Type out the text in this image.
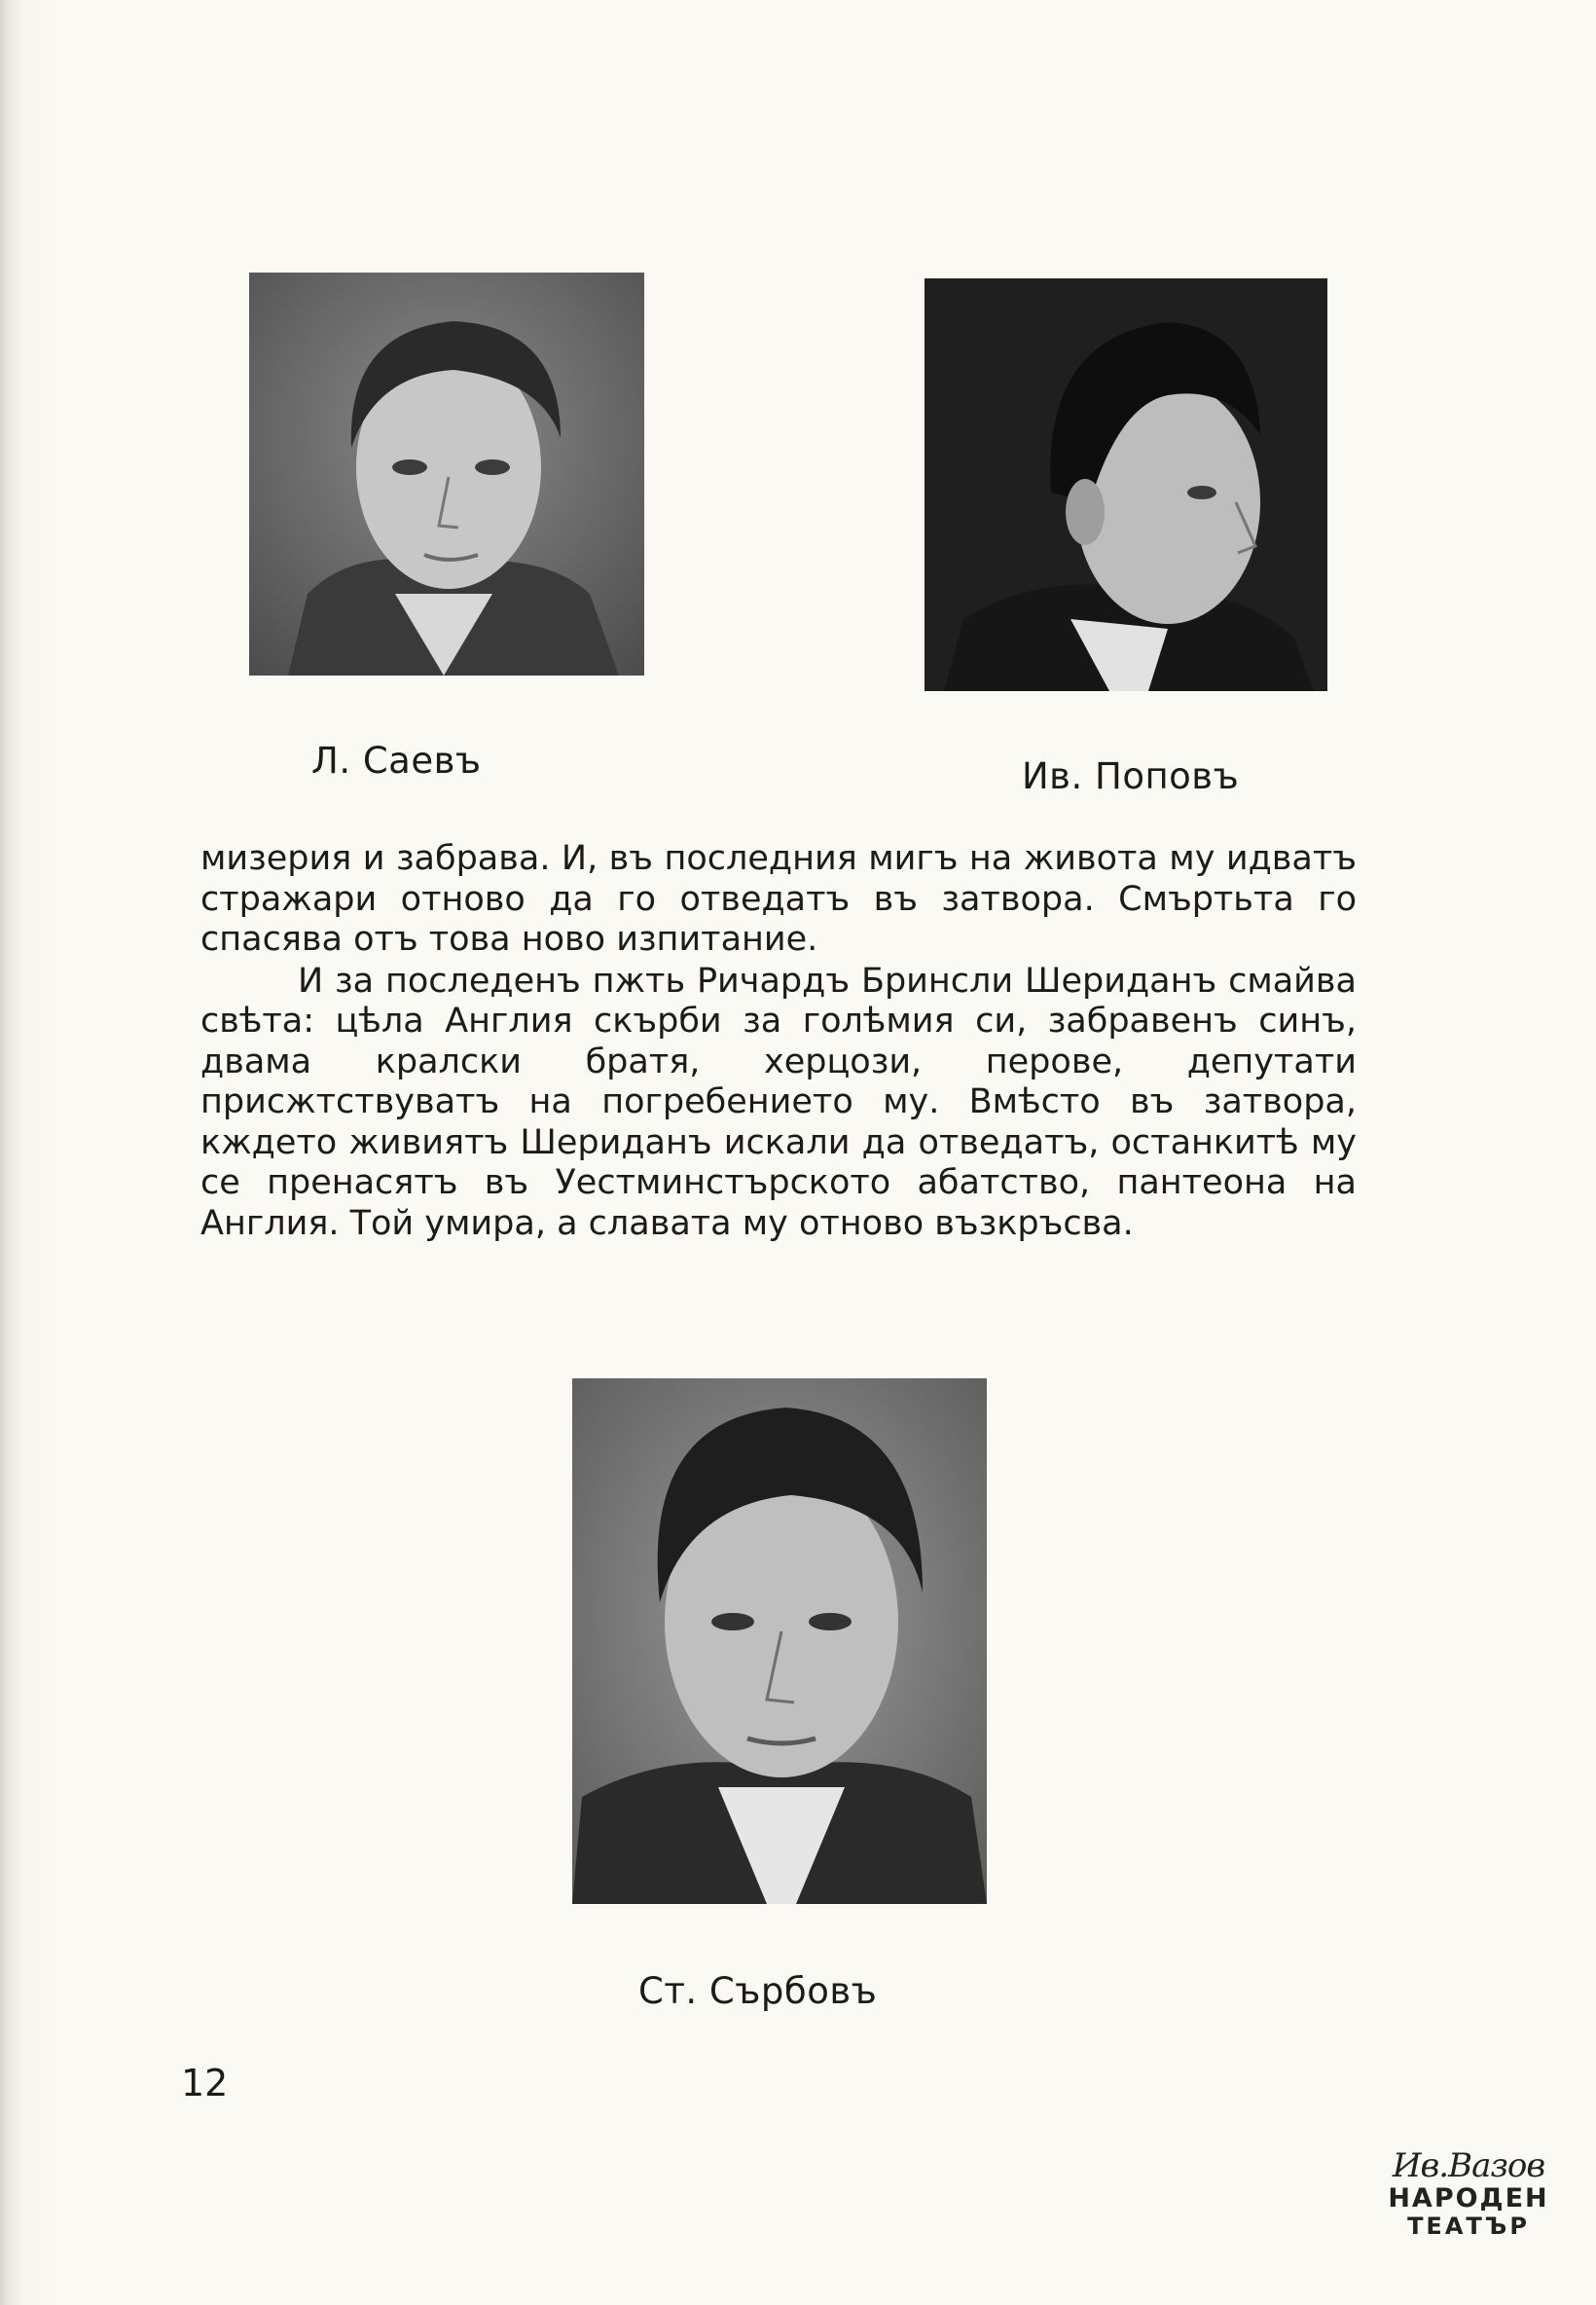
Л. Саевъ	Ив. Поповъ

мизерия и забрава. И, въ последния мигъ на живота му идватъ стражари отново да го отведатъ въ затвора. Смъртьта го спасява отъ това ново изпитание.

И за последенъ пжть Ричардъ Бринсли Шериданъ смайва свѣта: цѣла Англия скърби за голѣмия си, забравенъ синъ, двама кралски братя, херцози, перове, депутати присжтствуватъ на погребението му. Вмѣсто въ затвора, кждето живиятъ Шериданъ искали да отведатъ, останкитѣ му се пренасятъ въ Уестминстърското абатство, пантеона на Англия. Той умира, а славата му отново възкръсва.

Ст. Сърбовъ
12
Ив.Вазов
НАРОДЕН
ТЕАТЪР
